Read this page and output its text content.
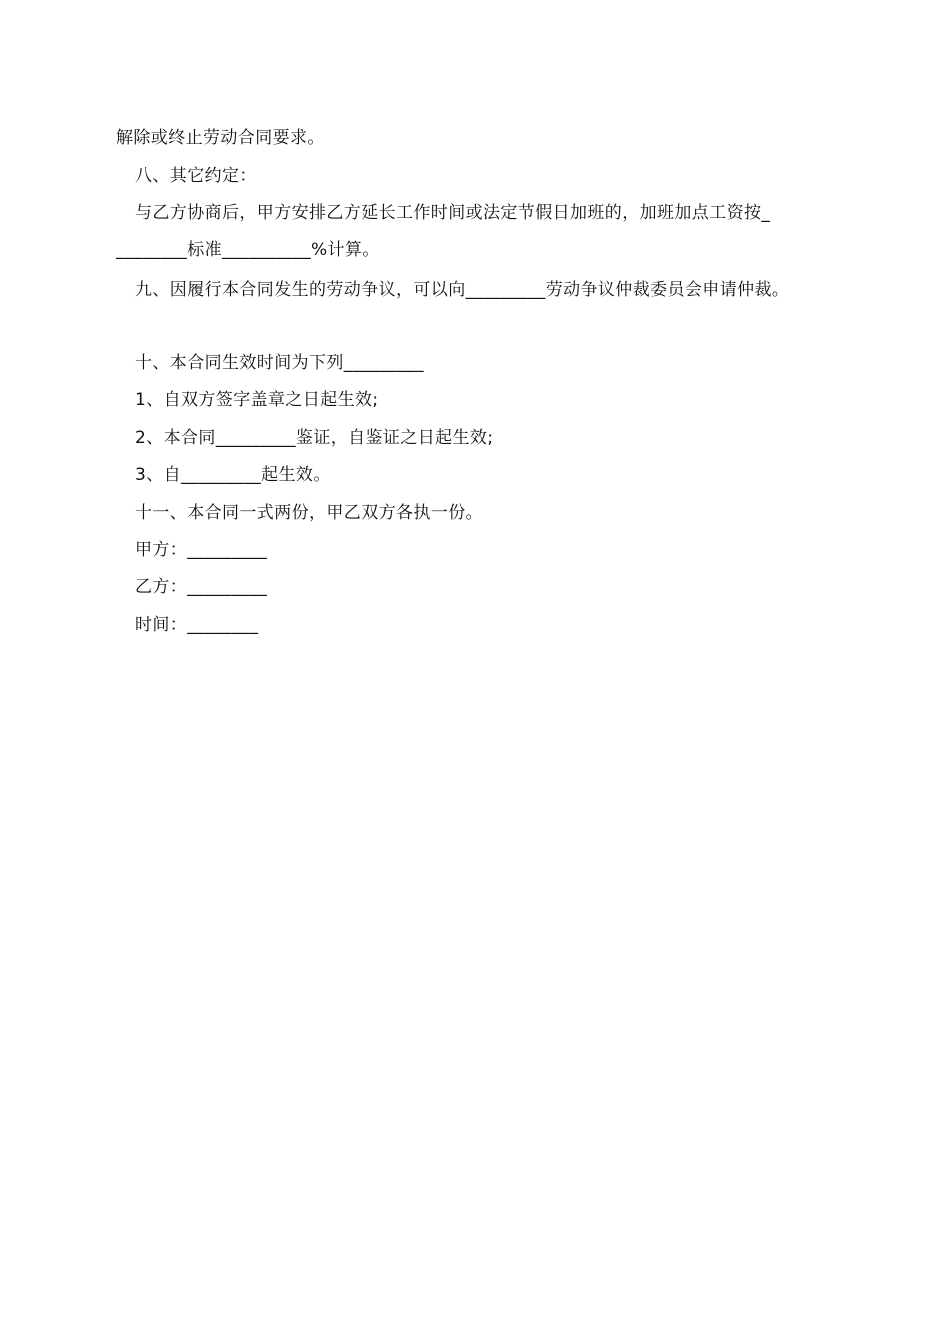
解除或终止劳动合同要求。
八、其它约定：
与乙方协商后，甲方安排乙方延长工作时间或法定节假日加班的，加班加点工资按_
________标准__________%计算。
九、因履行本合同发生的劳动争议，可以向_________劳动争议仲裁委员会申请仲裁。
十、本合同生效时间为下列_________
1、自双方签字盖章之日起生效;
2、本合同_________鉴证，自鉴证之日起生效;
3、自_________起生效。
十一、本合同一式两份，甲乙双方各执一份。
甲方：_________
乙方：_________
时间：________
